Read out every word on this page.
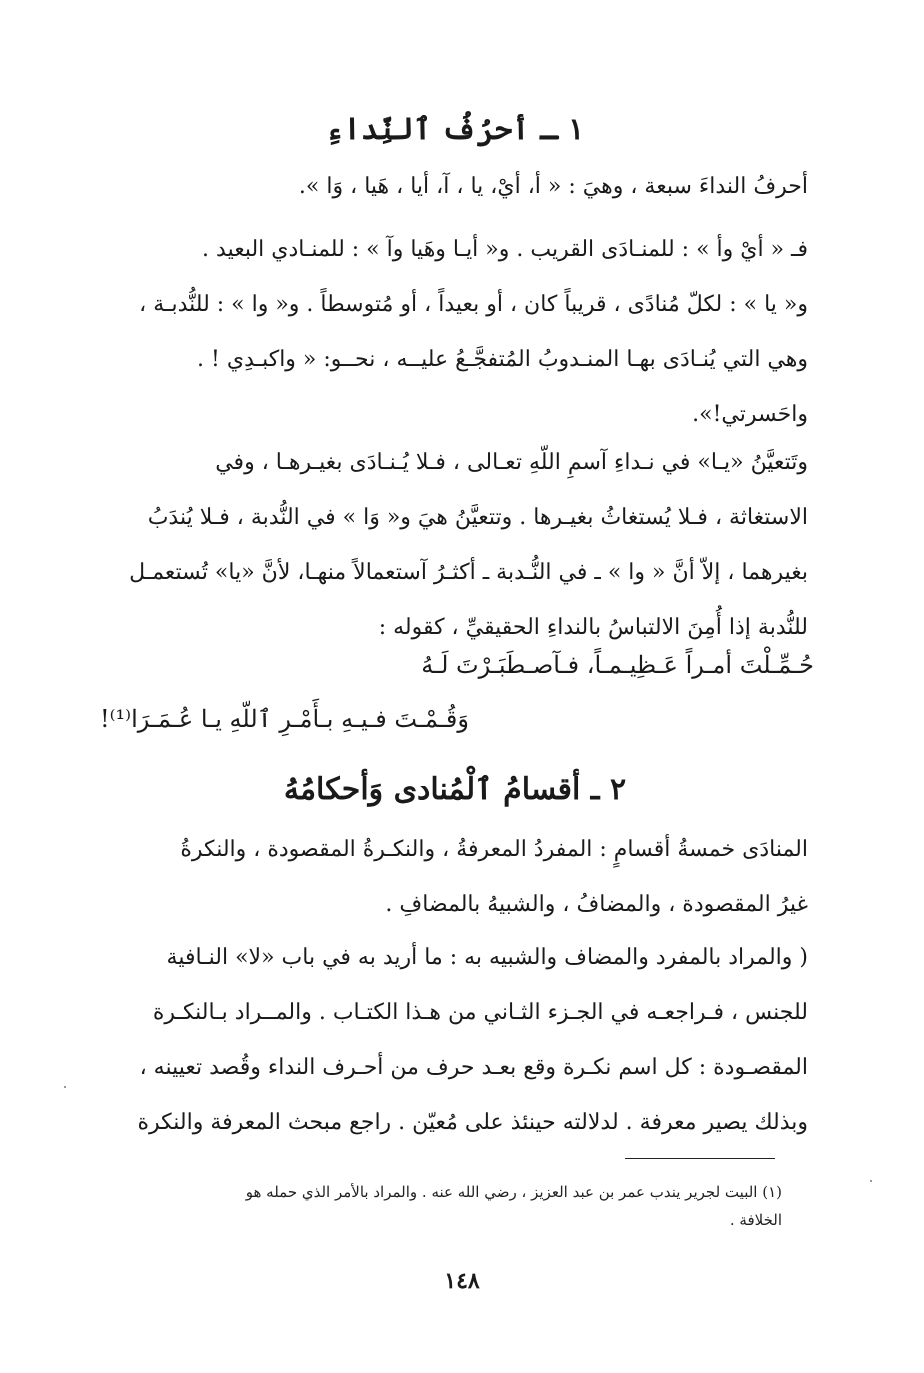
١ ـ أحرُفُ ٱلنِّداءِ
أحرفُ النداءَ سبعة ، وهيَ : « أ، أيْ، يا ، آ، أيا ، هَيا ، وَا ».
فـ « أيْ وأ » : للمنـادَى القريب . و« أيـا وهَيا وآ » : للمنـادي البعيد .
و« يا » : لكلّ مُنادًى ، قريباً كان ، أو بعيداً ، أو مُتوسطاً . و« وا » : للنُّدبـة ،
وهي التي يُنـادَى بهـا المنـدوبُ المُتفجَّـعُ عليــه ، نحــو: « واكبـدِي ! .
واحَسرتي!».
وتَتعيَّنُ «يـا» في نـداءِ آسمِ اللّهِ تعـالى ، فـلا يُـنـادَى بغيـرهـا ، وفي
الاستغاثة ، فـلا يُستغاثُ بغيـرها . وتتعيَّنُ هيَ و« وَا » في النُّدبة ، فـلا يُندَبُ
بغيرهما ، إلاّ أنَّ « وا » ـ في النُّـدبة ـ أكثـرُ آستعمالاً منهـا، لأنَّ «يا» تُستعمـل
للنُّدبة إذا أُمِنَ الالتباسُ بالنداءِ الحقيقيِّ ، كقوله :
حُـمِّـلْتَ أمـراً عَـظِيـمـاً، فـآصـطَبَـرْتَ لَـهُ
وَقُـمْـتَ فـيـهِ بـأَمْـرِ ٱللّهِ يـا عُـمَـرَا⁽¹⁾!
٢ ـ أقسامُ ٱلْمُنادى وَأحكامُهُ
المنادَى خمسةُ أقسامٍ : المفردُ المعرفةُ ، والنكـرةُ المقصودة ، والنكرةُ
غيرُ المقصودة ، والمضافُ ، والشبيهُ بالمضافِ .
( والمراد بالمفرد والمضاف والشبيه به : ما أريد به في باب «لا» النـافية
للجنس ، فـراجعـه في الجـزء الثـاني من هـذا الكتـاب . والمــراد بـالنكـرة
المقصـودة : كل اسم نكـرة وقع بعـد حرف من أحـرف النداء وقُصد تعيينه ،
وبذلك يصير معرفة . لدلالته حينئذ على مُعيّن . راجع مبحث المعرفة والنكرة
(١) البيت لجرير يندب عمر بن عبد العزيز ، رضي الله عنه . والمراد بالأمر الذي حمله هو
الخلافة .
١٤٨
